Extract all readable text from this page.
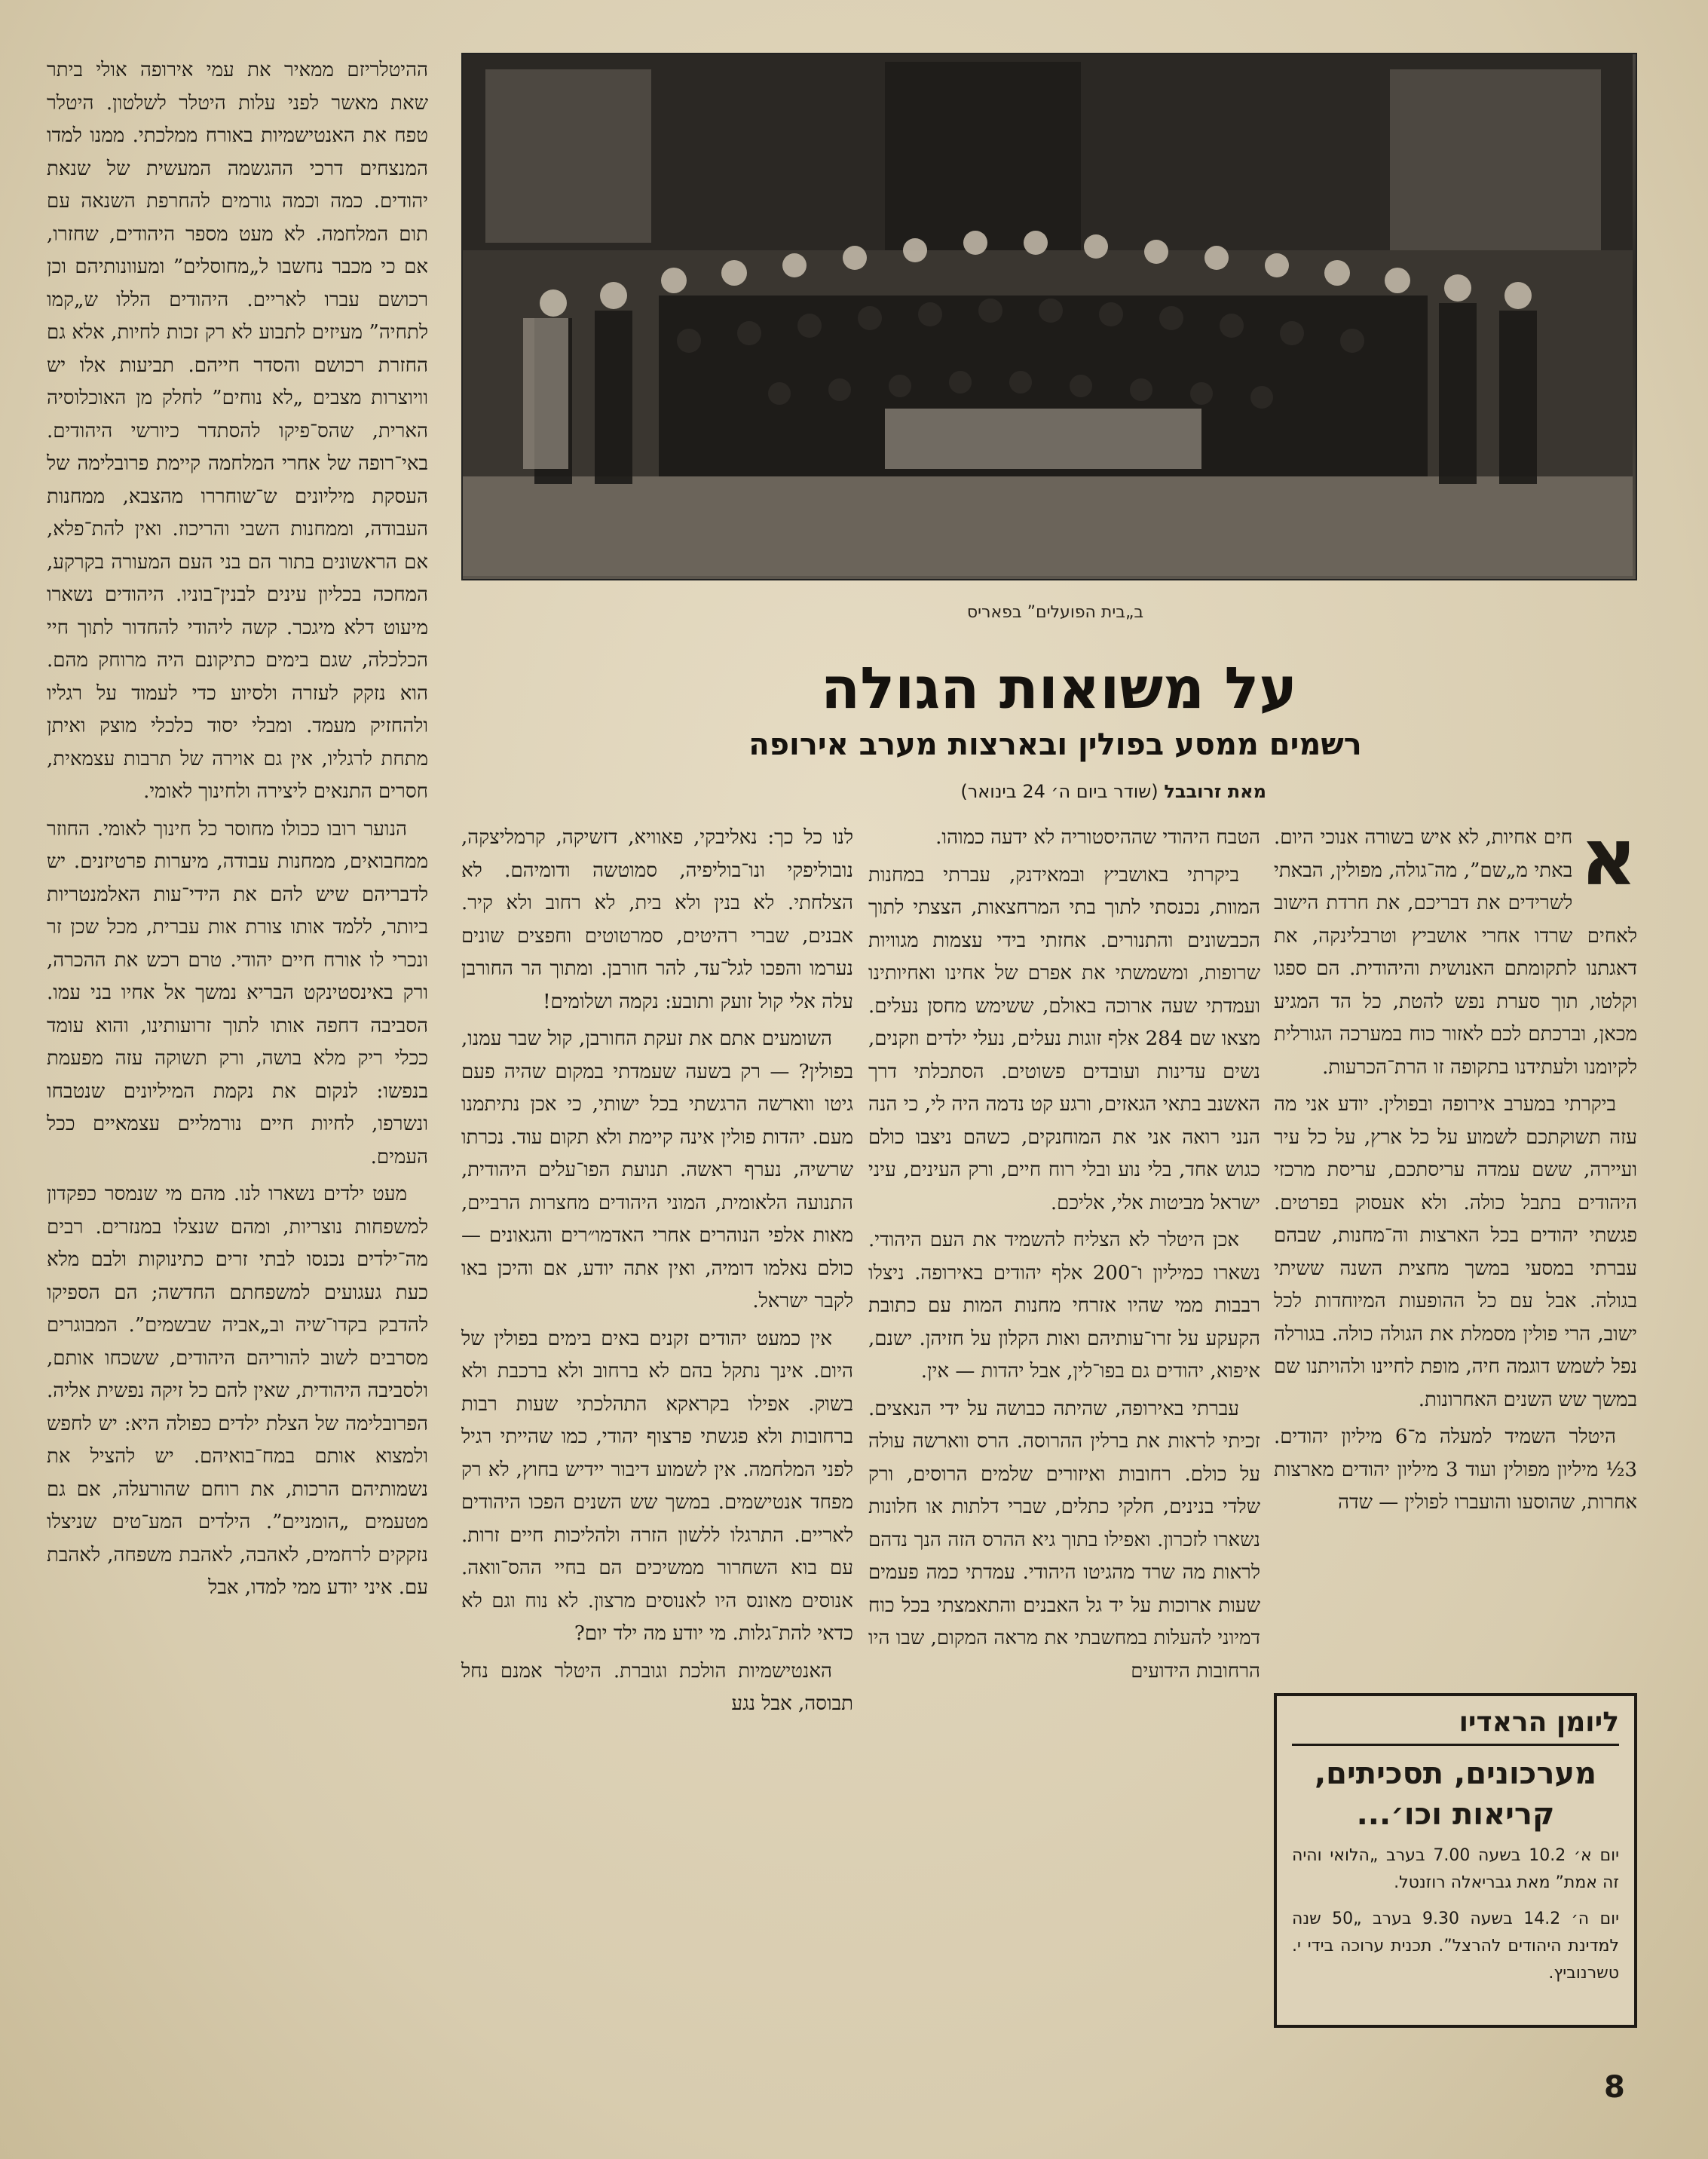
ההיטלריזם ממאיר את עמי אירופה אולי ביתר שאת מאשר לפני עלות היטלר לשלטון. היטלר טפח את האנטישמיות באורח ממלכתי. ממנו למדו המנצחים דרכי ההגשמה המעשית של שנאת יהודים. כמה וכמה גורמים להחרפת השנאה עם תום המלחמה. לא מעט מספר היהודים, שחזרו, אם כי מכבר נחשבו ל„מחוסלים” ומעוונותיהם וכן רכושם עברו לאריים. היהודים הללו ש„קמו לתחיה” מעיזים לתבוע לא רק זכות לחיות, אלא גם החזרת רכושם והסדר חייהם. תביעות אלו יש וויוצרות מצבים „לא נוחים” לחלק מן האוכלוסיה הארית, שהס־פיקו להסתדר כיורשי היהודים. באי־רופה של אחרי המלחמה קיימת פרובלימה של העסקת מיליונים ש־שוחררו מהצבא, ממחנות העבודה, וממחנות השבי והריכוז. ואין להת־פלא, אם הראשונים בתור הם בני העם המעורה בקרקע, המחכה בכליון עינים לבנין־בוניו. היהודים נשארו מיעוט דלא מיגכר. קשה ליהודי להחדור לתוך חיי הכלכלה, שגם בימים כתיקונם היה מרוחק מהם. הוא נזקק לעזרה ולסיוע כדי לעמוד על רגליו ולהחזיק מעמד. ומבלי יסוד כלכלי מוצק ואיתן מתחת לרגליו, אין גם אוירה של תרבות עצמאית, חסרים התנאים ליצירה ולחינוך לאומי.

הנוער רובו ככולו מחוסר כל חינוך לאומי. החוזר ממחבואים, ממחנות עבודה, מיערות פרטיזנים. יש לדבריהם שיש להם את הידי־עות האלמנטריות ביותר, ללמד אותו צורת אות עברית, מכל שכן זר ונכרי לו אורח חיים יהודי. טרם רכש את ההכרה, ורק באינסטינקט הבריא נמשך אל אחיו בני עמו. הסביבה דחפה אותו לתוך זרועותינו, והוא עומד ככלי ריק מלא בושה, ורק תשוקה עזה מפעמת בנפשו: לנקום את נקמת המיליונים שנטבחו ונשרפו, לחיות חיים נורמליים עצמאיים ככל העמים.

מעט ילדים נשארו לנו. מהם מי שנמסר כפקדון למשפחות נוצריות, ומהם שנצלו במנזרים. רבים מה־ילדים נכנסו לבתי זרים כתינוקות ולבם מלא כעת געגועים למשפחתם החדשה; הם הספיקו להדבק בקדו־שיה וב„אביה שבשמים”. המבוגרים מסרבים לשוב להוריהם היהודים, ששכחו אותם, ולסביבה היהודית, שאין להם כל זיקה נפשית אליה. הפרובלימה של הצלת ילדים כפולה היא: יש לחפש ולמצוא אותם במח־בואיהם. יש להציל את נשמותיהם הרכות, את רוחם שהורעלה, אם גם מטעמים „הומניים”. הילדים המע־טים שניצלו נזקקים לרחמים, לאהבה, לאהבת משפחה, לאהבת עם. איני יודע ממי למדו, אבל

ב„בית הפועלים” בפאריס
על משואות הגולה
רשמים ממסע בפולין ובארצות מערב אירופה
מאת זרובבל (שודר ביום ה׳ 24 בינואר)

לנו כל כך: נאליבקי, פאוויא, דזשיקה, קרמליצקה, נובוליפקי ונו־בוליפיה, סמוטשה ודומיהם. לא הצלחתי. לא בנין ולא בית, לא רחוב ולא קיר. אבנים, שברי רהיטים, סמרטוטים וחפצים שונים נערמו והפכו לגל־עד, להר חורבן. ומתוך הר החורבן עלה אלי קול זועק ותובע: נקמה ושלומים!

השומעים אתם את זעקת החורבן, קול שבר עמנו, בפולין? — רק בשעה שעמדתי במקום שהיה פעם גיטו ווארשה הרגשתי בכל ישותי, כי אכן נתיתמנו מעם. יהדות פולין אינה קיימת ולא תקום עוד. נכרתו שרשיה, נערף ראשה. תנועת הפו־עלים היהודית, התנועה הלאומית, המוני היהודים מחצרות הרביים, מאות אלפי הנוהרים אחרי האדמו״רים והגאונים — כולם נאלמו דומיה, ואין אתה יודע, אם והיכן באו לקבר ישראל.

אין כמעט יהודים זקנים באים בימים בפולין של היום. אינך נתקל בהם לא ברחוב ולא ברכבת ולא בשוק. אפילו בקראקא התהלכתי שעות רבות ברחובות ולא פגשתי פרצוף יהודי, כמו שהייתי רגיל לפני המלחמה. אין לשמוע דיבור יידיש בחוץ, לא רק מפחד אנטישמים. במשך שש השנים הפכו היהודים לאריים. התרגלו ללשון הזרה ולהליכות חיים זרות. עם בוא השחרור ממשיכים הם בחיי ההס־וואה. אנוסים מאונס היו לאנוסים מרצון. לא נוח וגם לא כדאי להת־גלות. מי יודע מה ילד יום?

האנטישמיות הולכת וגוברת. היטלר אמנם נחל תבוסה, אבל נגע

הטבח היהודי שההיסטוריה לא ידעה כמוהו.

ביקרתי באושביץ ובמאידנק, עברתי במחנות המוות, נכנסתי לתוך בתי המרחצאות, הצצתי לתוך הכבשונים והתנורים. אחזתי בידי עצמות מגוויות שרופות, ומשמשתי את אפרם של אחינו ואחיותינו ועמדתי שעה ארוכה באולם, ששימש מחסן נעלים. מצאו שם 284 אלף זוגות נעלים, נעלי ילדים וזקנים, נשים עדינות ועובדים פשוטים. הסתכלתי דרך האשנב בתאי הגאזים, ורגע קט נדמה היה לי, כי הנה הנני רואה אני את המוחנקים, כשהם ניצבו כולם כגוש אחד, בלי נוע ובלי רוח חיים, ורק העינים, עיני ישראל מביטות אלי, אליכם.

אכן היטלר לא הצליח להשמיד את העם היהודי. נשארו כמיליון ו־200 אלף יהודים באירופה. ניצלו רבבות ממי שהיו אזרחי מחנות המות עם כתובת הקעקע על זרו־עותיהם ואות הקלון על חזיהן. ישנם, איפוא, יהודים גם בפו־לין, אבל יהדות — אין.

עברתי באירופה, שהיתה כבושה על ידי הנאצים. זכיתי לראות את ברלין ההרוסה. הרס ווארשה עולה על כולם. רחובות ואיזורים שלמים הרוסים, ורק שלדי בנינים, חלקי כתלים, שברי דלתות או חלונות נשארו לזכרון. ואפילו בתוך גיא ההרס הזה הנך נדהם לראות מה שרד מהגיטו היהודי. עמדתי כמה פעמים שעות ארוכות על יד גל האבנים והתאמצתי בכל כוח דמיוני להעלות במחשבתי את מראה המקום, שבו היו הרחובות הידועים

א
חים אחיות, לא איש בשורה אנוכי היום. באתי מ„שם”, מה־גולה, מפולין, הבאתי לשרידים את דבריכם, את חרדת הישוב לאחים שרדו אחרי אושביץ וטרבלינקה, את דאגתנו לתקומתם האנושית והיהודית. הם ספגו וקלטו, תוך סערת נפש להטת, כל הד המגיע מכאן, וברכתם לכם לאזור כוח במערכה הגורלית לקיומנו ולעתידנו בתקופה זו הרת־הכרעות.

ביקרתי במערב אירופה ובפולין. יודע אני מה עזה תשוקתכם לשמוע על כל ארץ, על כל עיר ועיירה, ששם עמדה עריסתכם, עריסת מרכזי היהודים בתבל כולה. ולא אעסוק בפרטים. פגשתי יהודים בכל הארצות וה־מחנות, שבהם עברתי במסעי במשך מחצית השנה ששיתי בגולה. אבל עם כל ההופעות המיוחדות לכל ישוב, הרי פולין מסמלת את הגולה כולה. בגורלה נפל לשמש דוגמה חיה, מופת לחיינו ולהויתנו שם במשך שש השנים האחרונות.

היטלר השמיד למעלה מ־6 מיליון יהודים. 3½ מיליון מפולין ועוד 3 מיליון יהודים מארצות אחרות, שהוסעו והועברו לפולין — שדה

ליומן הראדיו
מערכונים, תסכיתים, קריאות וכו׳...

יום א׳ 10.2 בשעה 7.00 בערב „הלואי והיה זה אמת” מאת גבריאלה רוזנטל.

יום ה׳ 14.2 בשעה 9.30 בערב „50 שנה למדינת היהודים להרצל”. תכנית ערוכה בידי י. טשרנוביץ.

8
